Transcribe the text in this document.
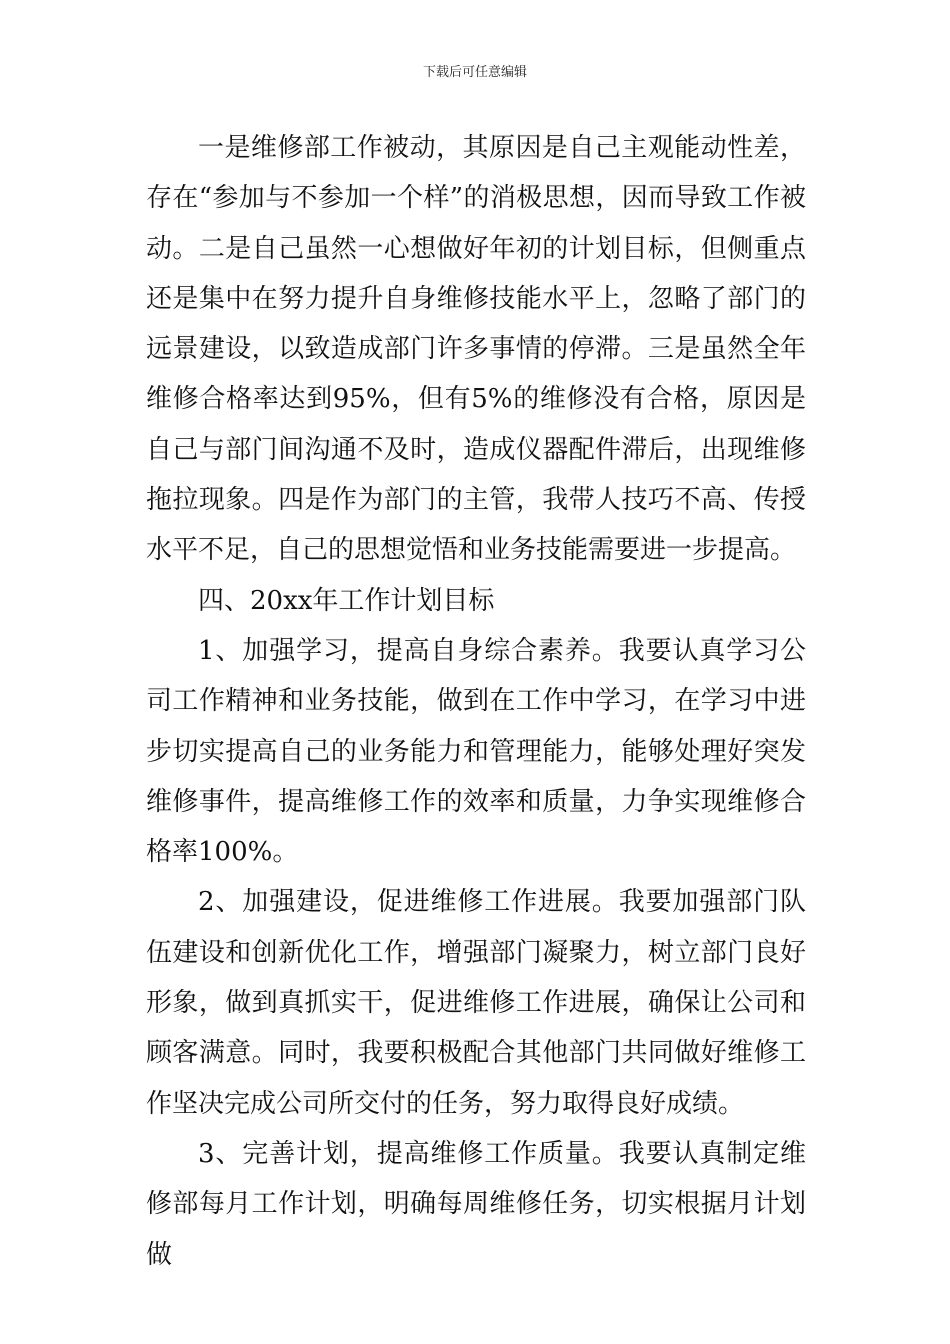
下载后可任意编辑

一是维修部工作被动，其原因是自己主观能动性差，存在“参加与不参加一个样”的消极思想，因而导致工作被动。二是自己虽然一心想做好年初的计划目标，但侧重点还是集中在努力提升自身维修技能水平上，忽略了部门的远景建设，以致造成部门许多事情的停滞。三是虽然全年维修合格率达到95%，但有5%的维修没有合格，原因是自己与部门间沟通不及时，造成仪器配件滞后，出现维修拖拉现象。四是作为部门的主管，我带人技巧不高、传授水平不足，自己的思想觉悟和业务技能需要进一步提高。

四、20xx年工作计划目标

1、加强学习，提高自身综合素养。我要认真学习公司工作精神和业务技能，做到在工作中学习，在学习中进步切实提高自己的业务能力和管理能力，能够处理好突发维修事件，提高维修工作的效率和质量，力争实现维修合格率100%。

2、加强建设，促进维修工作进展。我要加强部门队伍建设和创新优化工作，增强部门凝聚力，树立部门良好形象，做到真抓实干，促进维修工作进展，确保让公司和顾客满意。同时，我要积极配合其他部门共同做好维修工作坚决完成公司所交付的任务，努力取得良好成绩。

3、完善计划，提高维修工作质量。我要认真制定维修部每月工作计划，明确每周维修任务，切实根据月计划做
